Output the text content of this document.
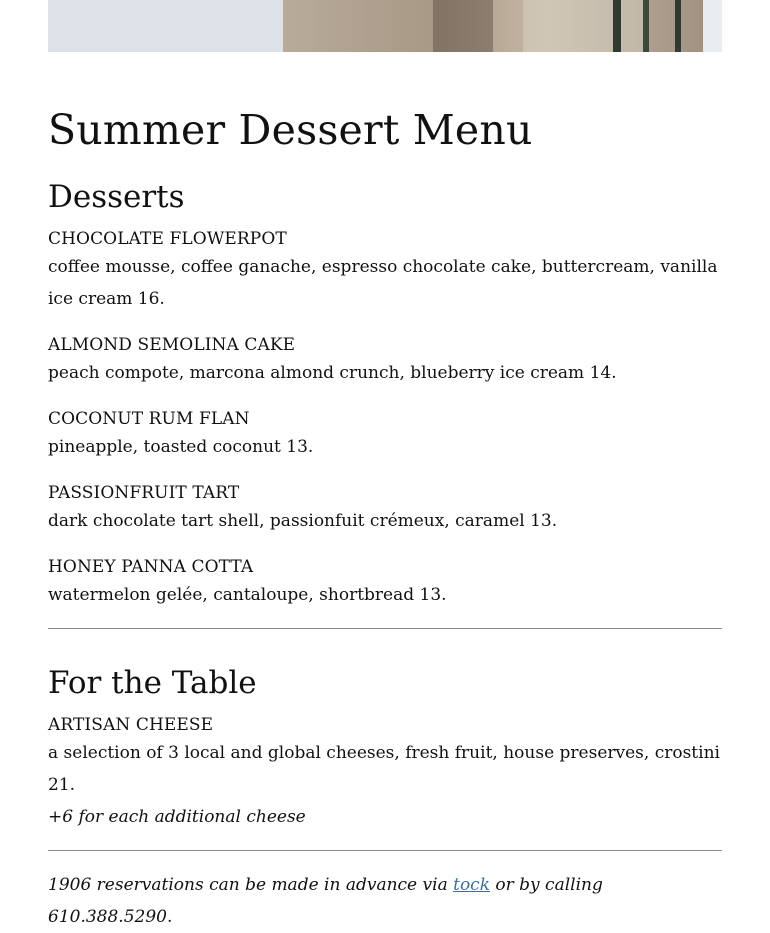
Summer Dessert Menu
Desserts
CHOCOLATE FLOWERPOT
coffee mousse, coffee ganache, espresso chocolate cake, buttercream, vanilla ice cream 16.
ALMOND SEMOLINA CAKE
peach compote, marcona almond crunch, blueberry ice cream 14.
COCONUT RUM FLAN
pineapple, toasted coconut 13.
PASSIONFRUIT TART
dark chocolate tart shell, passionfuit crémeux, caramel 13.
HONEY PANNA COTTA
watermelon gelée, cantaloupe, shortbread 13.
For the Table
ARTISAN CHEESE
a selection of 3 local and global cheeses, fresh fruit, house preserves, crostini 21.
+6 for each additional cheese
1906 reservations can be made in advance via tock or by calling 610.388.5290.
